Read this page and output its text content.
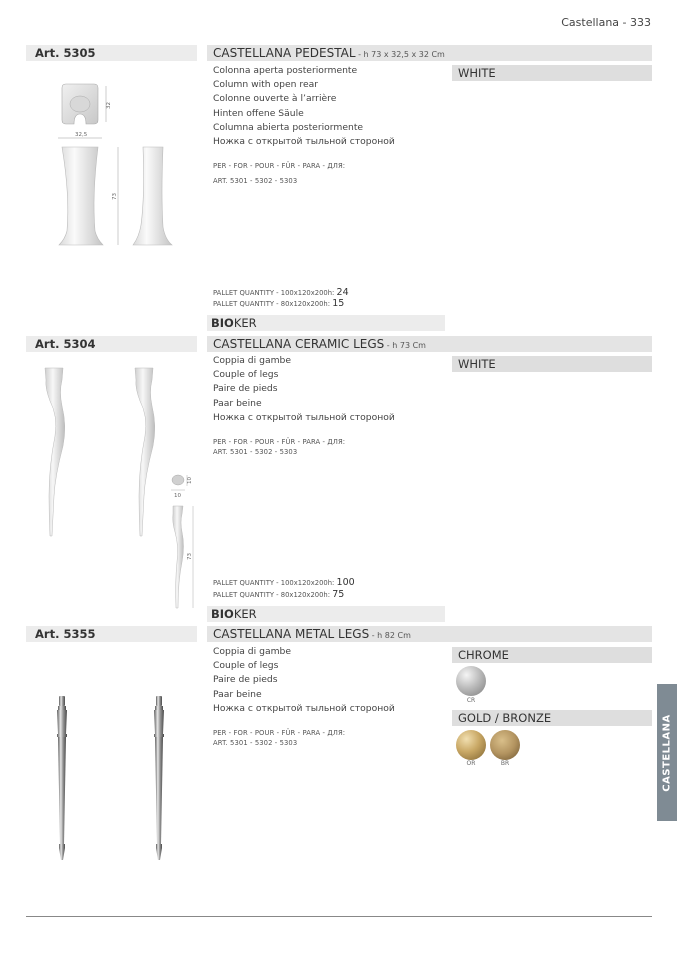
Castellana - 333
Art. 5305	CASTELLANA PEDESTAL - h 73 x 32,5 x 32 Cm
Colonna aperta posteriormente
Column with open rear
Colonne ouverte à l’arrière
Hinten offene Säule
Columna abierta posteriormente
Ножка с открытой тыльной стороной
PER - FOR - POUR - FÜR - PARA - ДЛЯ:
ART. 5301 - 5302 - 5303
PALLET QUANTITY - 100x120x200h: 24
PALLET QUANTITY - 80x120x200h: 15
BIOKER
WHITE
32
32,5
73
Art. 5304	CASTELLANA CERAMIC LEGS - h 73 Cm
Coppia di gambe
Couple of legs
Paire de pieds
Paar beine
Ножка с открытой тыльной стороной
PER - FOR - POUR - FÜR - PARA - ДЛЯ:
ART. 5301 - 5302 - 5303
PALLET QUANTITY - 100x120x200h: 100
PALLET QUANTITY - 80x120x200h: 75
BIOKER
WHITE
10
10
73
Art. 5355	CASTELLANA METAL LEGS - h 82 Cm
Coppia di gambe
Couple of legs
Paire de pieds
Paar beine
Ножка с открытой тыльной стороной
PER - FOR - POUR - FÜR - PARA - ДЛЯ:
ART. 5301 - 5302 - 5303
CHROME
CR
GOLD / BRONZE
OR	BR	CASTELLANA
